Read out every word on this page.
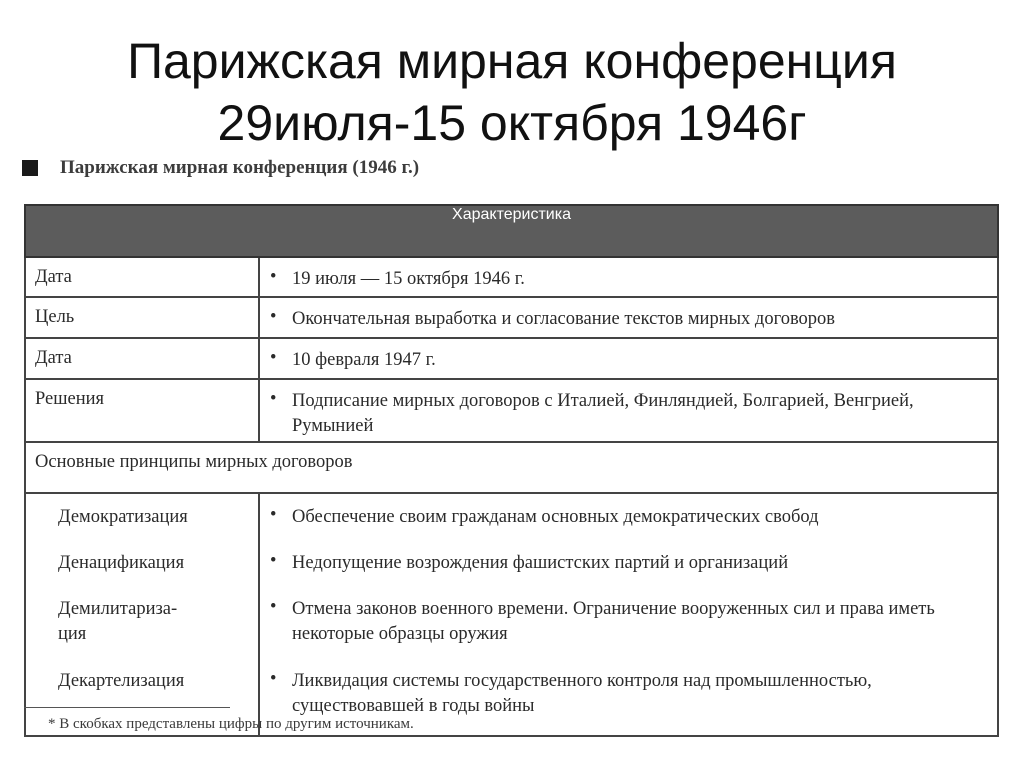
Парижская мирная конференция
29июля-15 октября 1946г
Парижская мирная конференция (1946 г.)
Характеристика	
Дата	• 19 июля — 15 октября 1946 г.

Цель	• Окончательная выработка и согласование текстов мирных договоров

Дата	• 10 февраля 1947 г.

Решения	• Подписание мирных договоров с Италией, Финляндией, Болгарией, Венгрией, Румынией

Основные принципы мирных договоров	
Демократизация	• Обеспечение своим гражданам основных демократических свобод

Денацификация	• Недопущение возрождения фашистских партий и организаций

Демилитариза-
ция	• Отмена законов военного времени. Ограничение вооруженных сил и права иметь некоторые образцы оружия

Декартелизация	• Ликвидация системы государственного контроля над промышленностью, существовавшей в годы войны
* В скобках представлены цифры по другим источникам.
